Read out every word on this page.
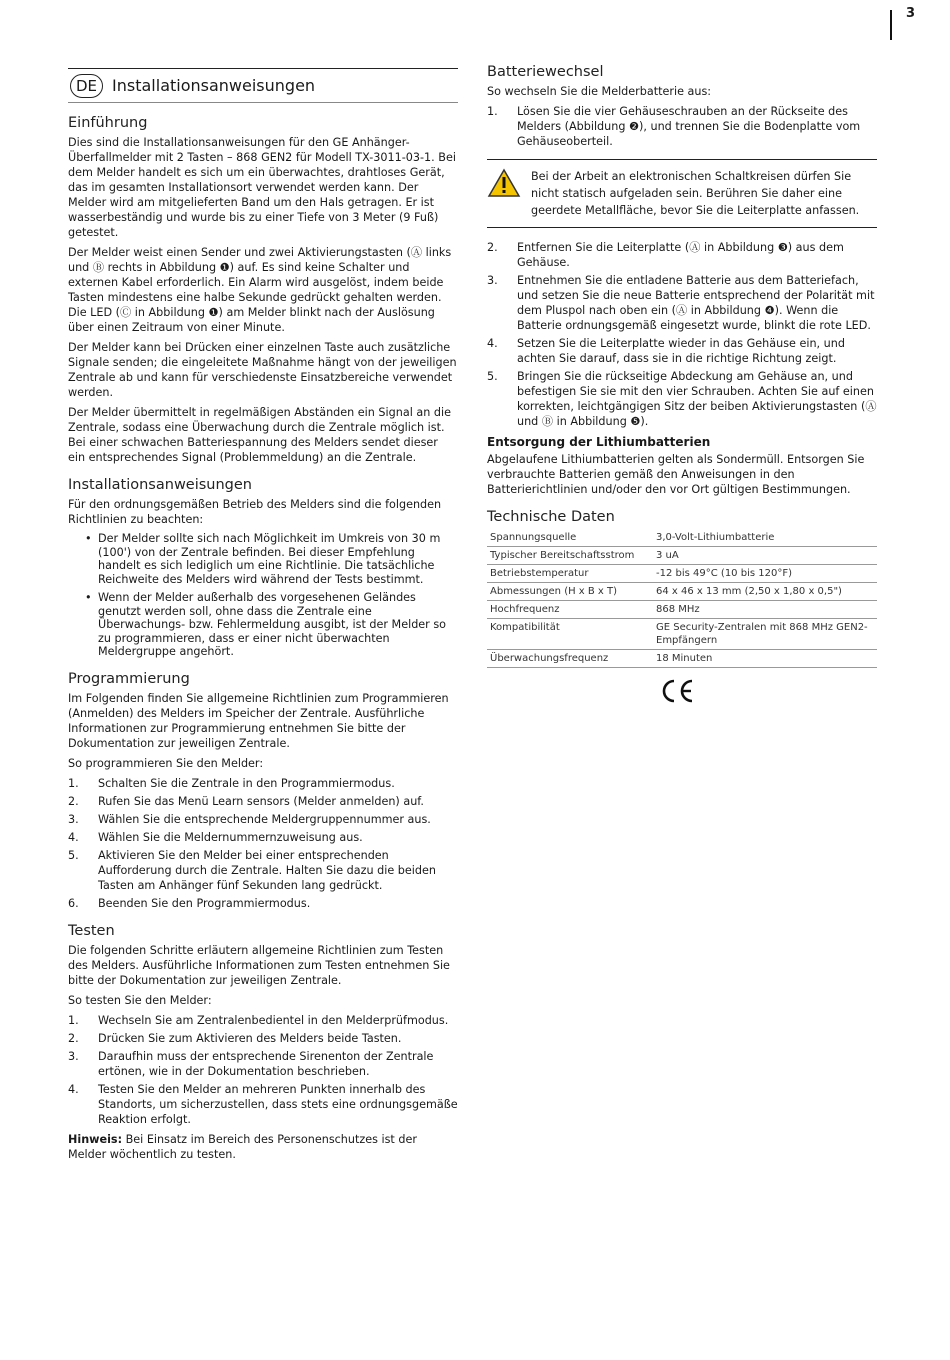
3
DE Installationsanweisungen
Einführung

Dies sind die Installationsanweisungen für den GE Anhänger-Überfallmelder mit 2 Tasten – 868 GEN2 für Modell TX-3011-03-1. Bei dem Melder handelt es sich um ein überwachtes, drahtloses Gerät, das im gesamten Installationsort verwendet werden kann. Der Melder wird am mitgelieferten Band um den Hals getragen. Er ist wasserbeständig und wurde bis zu einer Tiefe von 3 Meter (9 Fuß) getestet.

Der Melder weist einen Sender und zwei Aktivierungstasten (Ⓐ links und Ⓑ rechts in Abbildung ❶) auf. Es sind keine Schalter und externen Kabel erforderlich. Ein Alarm wird ausgelöst, indem beide Tasten mindestens eine halbe Sekunde gedrückt gehalten werden. Die LED (Ⓒ in Abbildung ❶) am Melder blinkt nach der Auslösung über einen Zeitraum von einer Minute.

Der Melder kann bei Drücken einer einzelnen Taste auch zusätzliche Signale senden; die eingeleitete Maßnahme hängt von der jeweiligen Zentrale ab und kann für verschiedenste Einsatzbereiche verwendet werden.

Der Melder übermittelt in regelmäßigen Abständen ein Signal an die Zentrale, sodass eine Überwachung durch die Zentrale möglich ist. Bei einer schwachen Batteriespannung des Melders sendet dieser ein entsprechendes Signal (Problemmeldung) an die Zentrale.

Installationsanweisungen

Für den ordnungsgemäßen Betrieb des Melders sind die folgenden Richtlinien zu beachten:

• Der Melder sollte sich nach Möglichkeit im Umkreis von 30 m (100') von der Zentrale befinden. Bei dieser Empfehlung handelt es sich lediglich um eine Richtlinie. Die tatsächliche Reichweite des Melders wird während der Tests bestimmt.
• Wenn der Melder außerhalb des vorgesehenen Geländes genutzt werden soll, ohne dass die Zentrale eine Überwachungs- bzw. Fehlermeldung ausgibt, ist der Melder so zu programmieren, dass er einer nicht überwachten Meldergruppe angehört.
Programmierung

Im Folgenden finden Sie allgemeine Richtlinien zum Programmieren (Anmelden) des Melders im Speicher der Zentrale. Ausführliche Informationen zur Programmierung entnehmen Sie bitte der Dokumentation zur jeweiligen Zentrale.

So programmieren Sie den Melder:

1.	Schalten Sie die Zentrale in den Programmiermodus.
2.	Rufen Sie das Menü Learn sensors (Melder anmelden) auf.
3.	Wählen Sie die entsprechende Meldergruppennummer aus.
4.	Wählen Sie die Meldernummernzuweisung aus.
5.	Aktivieren Sie den Melder bei einer entsprechenden Aufforderung durch die Zentrale. Halten Sie dazu die beiden Tasten am Anhänger fünf Sekunden lang gedrückt.
6.	Beenden Sie den Programmiermodus.
Testen

Die folgenden Schritte erläutern allgemeine Richtlinien zum Testen des Melders. Ausführliche Informationen zum Testen entnehmen Sie bitte der Dokumentation zur jeweiligen Zentrale.

So testen Sie den Melder:

1.	Wechseln Sie am Zentralenbedientel in den Melderprüfmodus.
2.	Drücken Sie zum Aktivieren des Melders beide Tasten.
3.	Daraufhin muss der entsprechende Sirenenton der Zentrale ertönen, wie in der Dokumentation beschrieben.
4.	Testen Sie den Melder an mehreren Punkten innerhalb des Standorts, um sicherzustellen, dass stets eine ordnungsgemäße Reaktion erfolgt.

Hinweis: Bei Einsatz im Bereich des Personenschutzes ist der Melder wöchentlich zu testen.

Batteriewechsel

So wechseln Sie die Melderbatterie aus:

1.	Lösen Sie die vier Gehäuseschrauben an der Rückseite des Melders (Abbildung ❷), und trennen Sie die Bodenplatte vom Gehäuseoberteil.
Bei der Arbeit an elektronischen Schaltkreisen dürfen Sie nicht statisch aufgeladen sein. Berühren Sie daher eine geerdete Metallfläche, bevor Sie die Leiterplatte anfassen.
2.	Entfernen Sie die Leiterplatte (Ⓐ in Abbildung ❸) aus dem Gehäuse.
3.	Entnehmen Sie die entladene Batterie aus dem Batteriefach, und setzen Sie die neue Batterie entsprechend der Polarität mit dem Pluspol nach oben ein (Ⓐ in Abbildung ❹). Wenn die Batterie ordnungsgemäß eingesetzt wurde, blinkt die rote LED.
4.	Setzen Sie die Leiterplatte wieder in das Gehäuse ein, und achten Sie darauf, dass sie in die richtige Richtung zeigt.
5.	Bringen Sie die rückseitige Abdeckung am Gehäuse an, und befestigen Sie sie mit den vier Schrauben. Achten Sie auf einen korrekten, leichtgängigen Sitz der beiben Aktivierungstasten (Ⓐ und Ⓑ in Abbildung ❺).
Entsorgung der Lithiumbatterien

Abgelaufene Lithiumbatterien gelten als Sondermüll. Entsorgen Sie verbrauchte Batterien gemäß den Anweisungen in den Batterierichtlinien und/oder den vor Ort gültigen Bestimmungen.

Technische Daten
Spannungsquelle	3,0-Volt-Lithiumbatterie
Typischer Bereitschaftsstrom	3 uA
Betriebstemperatur	-12 bis 49°C (10 bis 120°F)
Abmessungen (H x B x T)	64 x 46 x 13 mm (2,50 x 1,80 x 0,5")
Hochfrequenz	868 MHz
Kompatibilität	GE Security-Zentralen mit 868 MHz GEN2-Empfängern
Überwachungsfrequenz	18 Minuten
